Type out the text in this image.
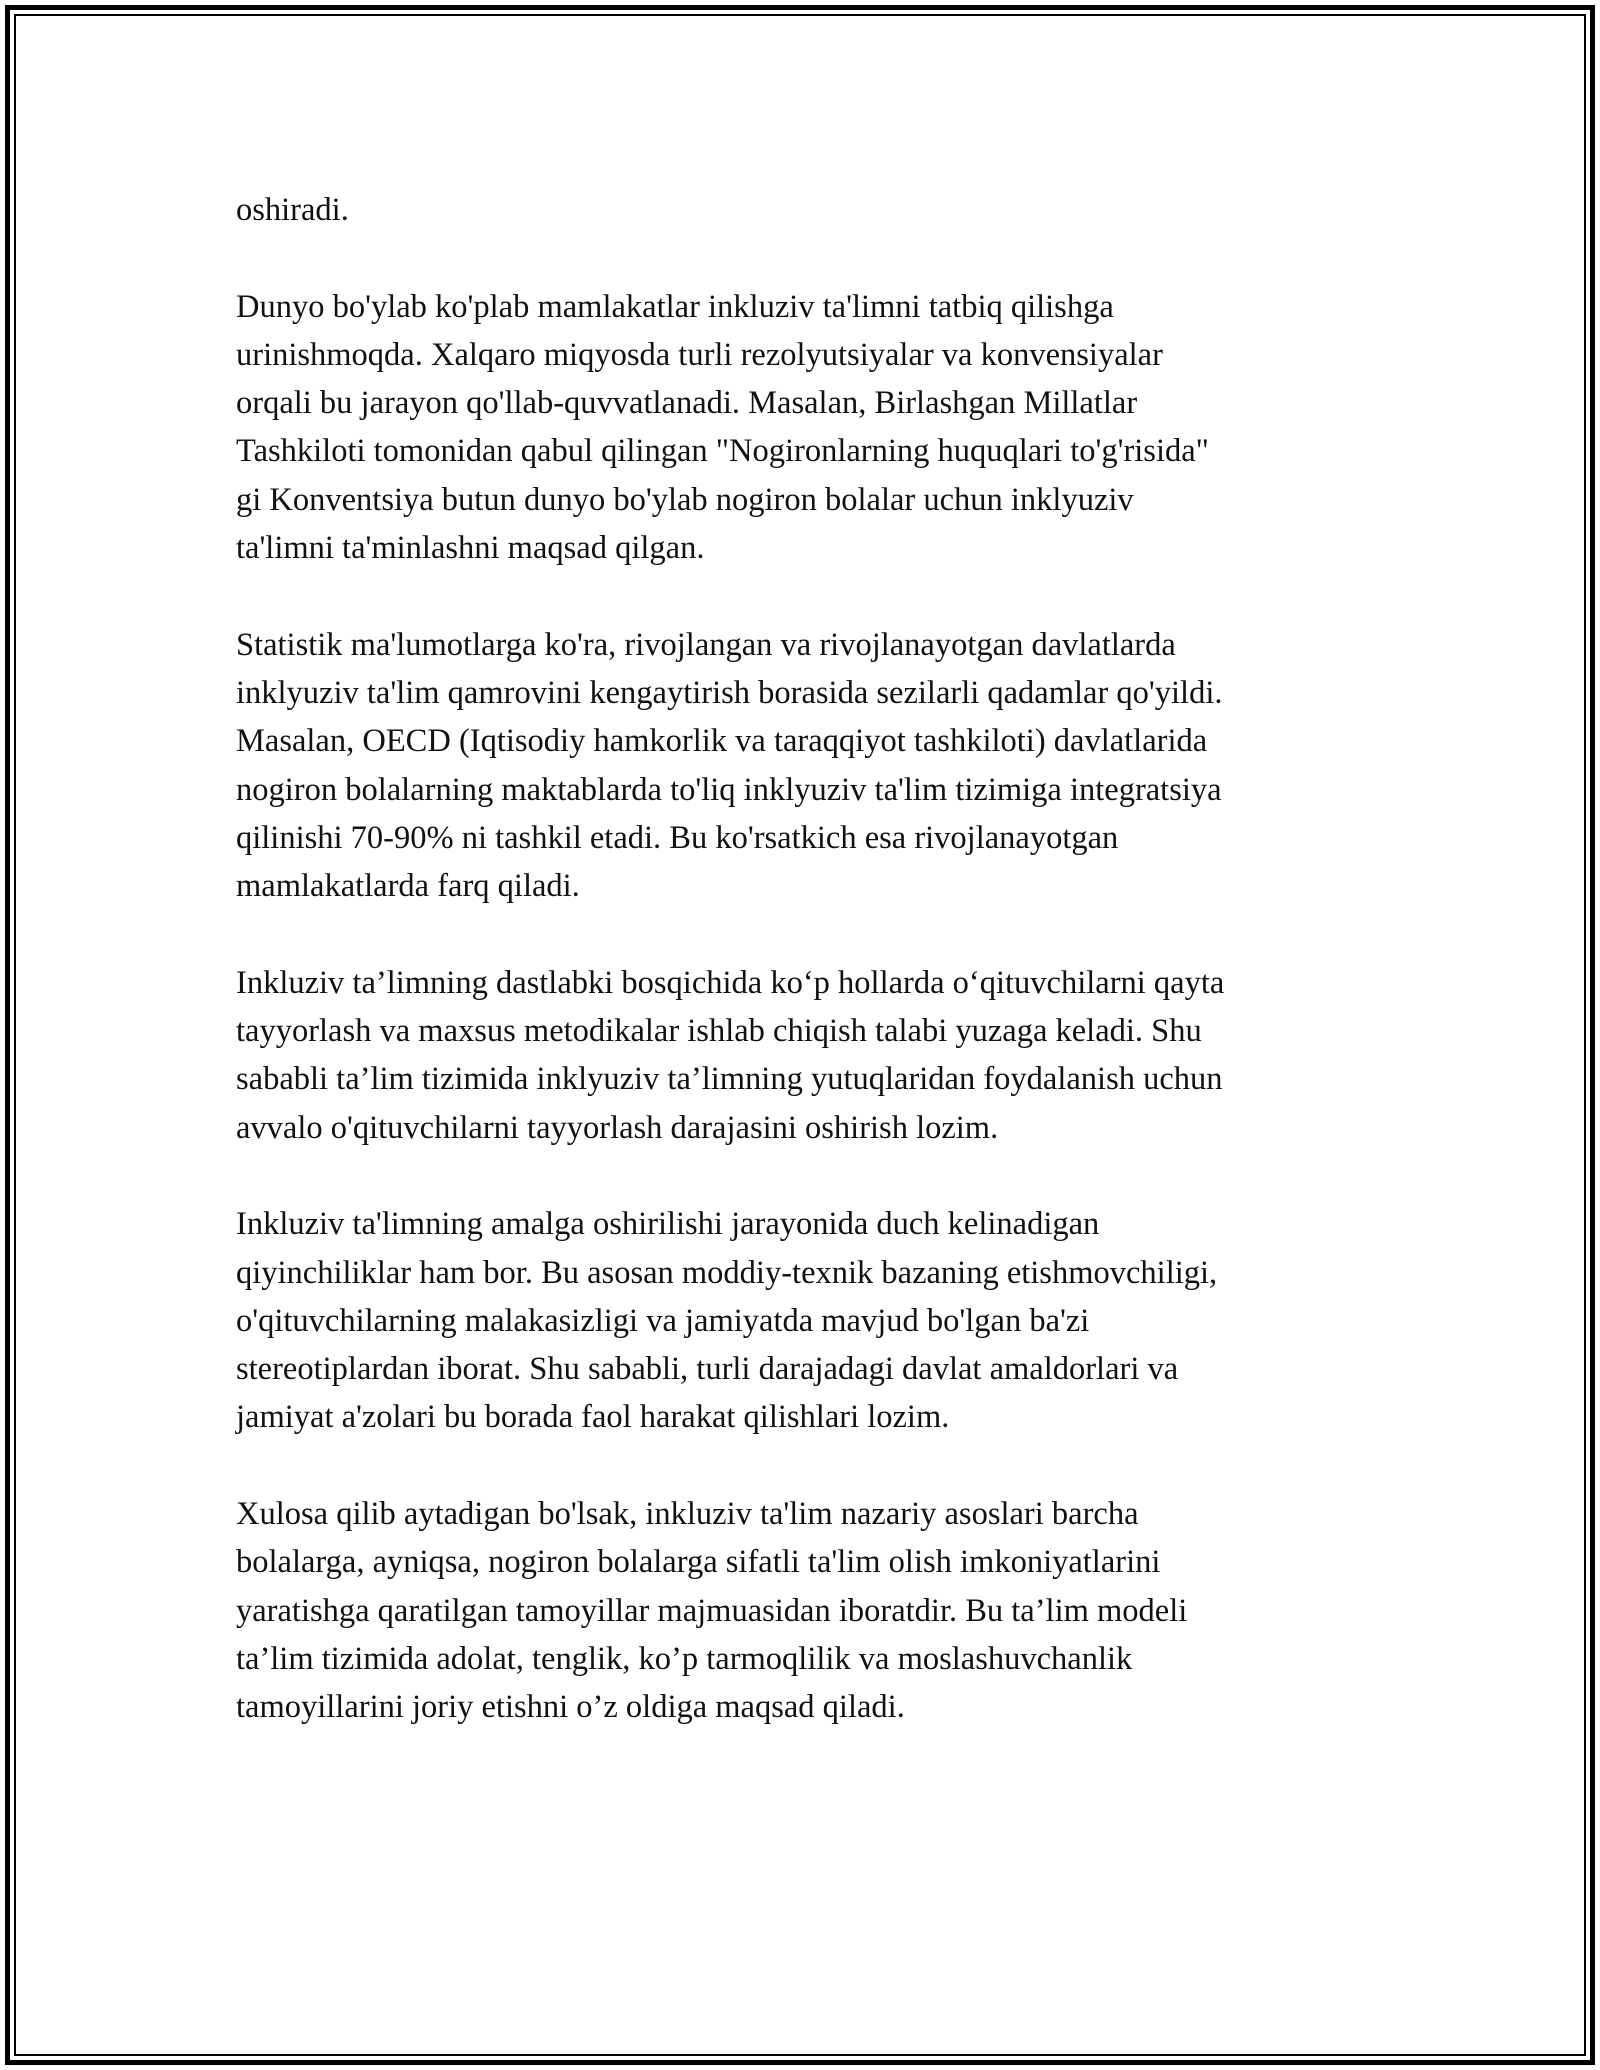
oshiradi.

Dunyo bo'ylab ko'plab mamlakatlar inkluziv ta'limni tatbiq qilishga
urinishmoqda. Xalqaro miqyosda turli rezolyutsiyalar va konvensiyalar
orqali bu jarayon qo'llab-quvvatlanadi. Masalan, Birlashgan Millatlar
Tashkiloti tomonidan qabul qilingan "Nogironlarning huquqlari to'g'risida"
gi Konventsiya butun dunyo bo'ylab nogiron bolalar uchun inklyuziv
ta'limni ta'minlashni maqsad qilgan.

Statistik ma'lumotlarga ko'ra, rivojlangan va rivojlanayotgan davlatlarda
inklyuziv ta'lim qamrovini kengaytirish borasida sezilarli qadamlar qo'yildi.
Masalan, OECD (Iqtisodiy hamkorlik va taraqqiyot tashkiloti) davlatlarida
nogiron bolalarning maktablarda to'liq inklyuziv ta'lim tizimiga integratsiya
qilinishi 70-90% ni tashkil etadi. Bu ko'rsatkich esa rivojlanayotgan
mamlakatlarda farq qiladi.

Inkluziv ta’limning dastlabki bosqichida ko‘p hollarda o‘qituvchilarni qayta
tayyorlash va maxsus metodikalar ishlab chiqish talabi yuzaga keladi. Shu
sababli ta’lim tizimida inklyuziv ta’limning yutuqlaridan foydalanish uchun
avvalo o'qituvchilarni tayyorlash darajasini oshirish lozim.

Inkluziv ta'limning amalga oshirilishi jarayonida duch kelinadigan
qiyinchiliklar ham bor. Bu asosan moddiy-texnik bazaning etishmovchiligi,
o'qituvchilarning malakasizligi va jamiyatda mavjud bo'lgan ba'zi
stereotiplardan iborat. Shu sababli, turli darajadagi davlat amaldorlari va
jamiyat a'zolari bu borada faol harakat qilishlari lozim.

Xulosa qilib aytadigan bo'lsak, inkluziv ta'lim nazariy asoslari barcha
bolalarga, ayniqsa, nogiron bolalarga sifatli ta'lim olish imkoniyatlarini
yaratishga qaratilgan tamoyillar majmuasidan iboratdir. Bu ta’lim modeli
ta’lim tizimida adolat, tenglik, ko’p tarmoqlilik va moslashuvchanlik
tamoyillarini joriy etishni o’z oldiga maqsad qiladi.
